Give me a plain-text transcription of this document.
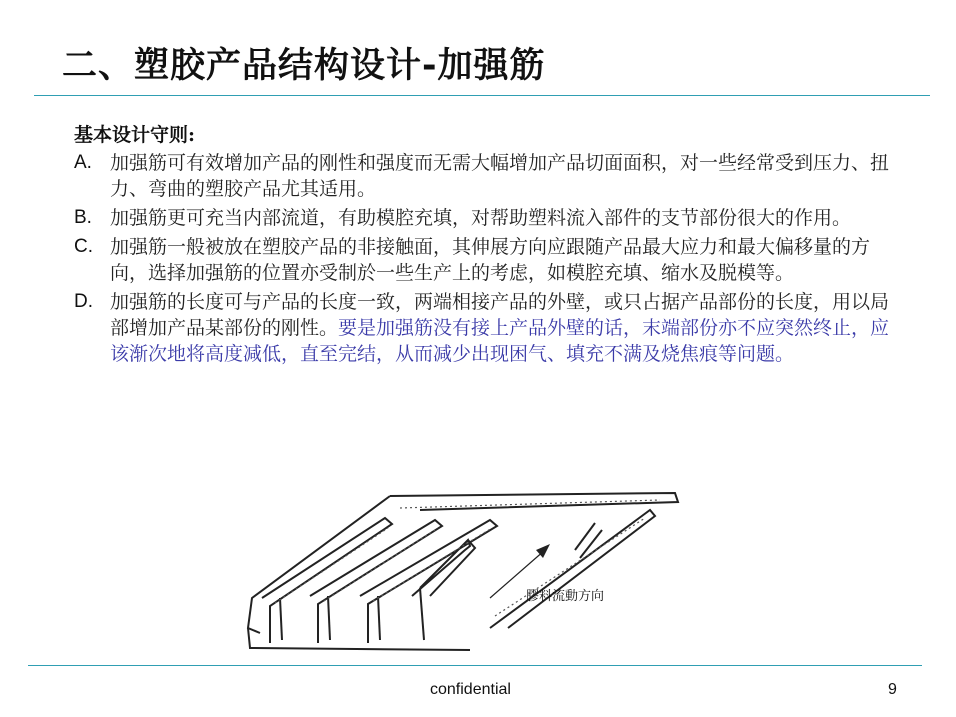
二、塑胶产品结构设计-加强筋
基本设计守则:
A. 加强筋可有效增加产品的刚性和强度而无需大幅增加产品切面面积，对一些经常受到压力、扭力、弯曲的塑胶产品尤其适用。
B. 加强筋更可充当内部流道，有助模腔充填，对帮助塑料流入部件的支节部份很大的作用。
C. 加强筋一般被放在塑胶产品的非接触面，其伸展方向应跟随产品最大应力和最大偏移量的方向，选择加强筋的位置亦受制於一些生产上的考虑，如模腔充填、缩水及脱模等。
D. 加强筋的长度可与产品的长度一致，两端相接产品的外壁，或只占据产品部份的长度，用以局部增加产品某部份的刚性。要是加强筋没有接上产品外壁的话，末端部份亦不应突然终止，应该渐次地将高度减低，直至完结，从而减少出现困气、填充不满及烧焦痕等问题。
膠料流動方向
confidential	9
